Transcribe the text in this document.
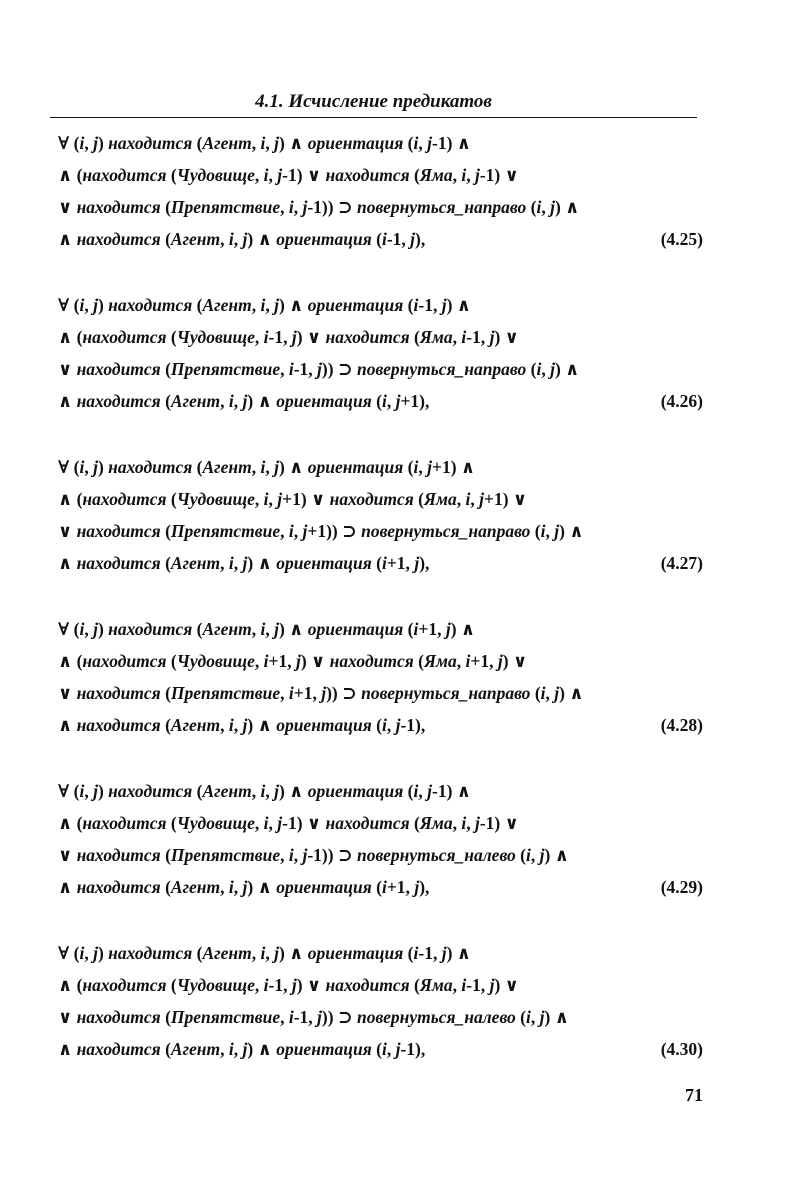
4.1. Исчисление предикатов
∀ (i, j) находится (Агент, i, j) ∧ ориентация (i, j-1) ∧
∧ (находится (Чудовище, i, j-1) ∨ находится (Яма, i, j-1) ∨
∨ находится (Препятствие, i, j-1)) ⊃ повернуться_направо (i, j) ∧
∧ находится (Агент, i, j) ∧ ориентация (i-1, j),	(4.25)
∀ (i, j) находится (Агент, i, j) ∧ ориентация (i-1, j) ∧
∧ (находится (Чудовище, i-1, j) ∨ находится (Яма, i-1, j) ∨
∨ находится (Препятствие, i-1, j)) ⊃ повернуться_направо (i, j) ∧
∧ находится (Агент, i, j) ∧ ориентация (i, j+1),	(4.26)
∀ (i, j) находится (Агент, i, j) ∧ ориентация (i, j+1) ∧
∧ (находится (Чудовище, i, j+1) ∨ находится (Яма, i, j+1) ∨
∨ находится (Препятствие, i, j+1)) ⊃ повернуться_направо (i, j) ∧
∧ находится (Агент, i, j) ∧ ориентация (i+1, j),	(4.27)
∀ (i, j) находится (Агент, i, j) ∧ ориентация (i+1, j) ∧
∧ (находится (Чудовище, i+1, j) ∨ находится (Яма, i+1, j) ∨
∨ находится (Препятствие, i+1, j)) ⊃ повернуться_направо (i, j) ∧
∧ находится (Агент, i, j) ∧ ориентация (i, j-1),	(4.28)
∀ (i, j) находится (Агент, i, j) ∧ ориентация (i, j-1) ∧
∧ (находится (Чудовище, i, j-1) ∨ находится (Яма, i, j-1) ∨
∨ находится (Препятствие, i, j-1)) ⊃ повернуться_налево (i, j) ∧
∧ находится (Агент, i, j) ∧ ориентация (i+1, j),	(4.29)
∀ (i, j) находится (Агент, i, j) ∧ ориентация (i-1, j) ∧
∧ (находится (Чудовище, i-1, j) ∨ находится (Яма, i-1, j) ∨
∨ находится (Препятствие, i-1, j)) ⊃ повернуться_налево (i, j) ∧
∧ находится (Агент, i, j) ∧ ориентация (i, j-1),	(4.30)
71
